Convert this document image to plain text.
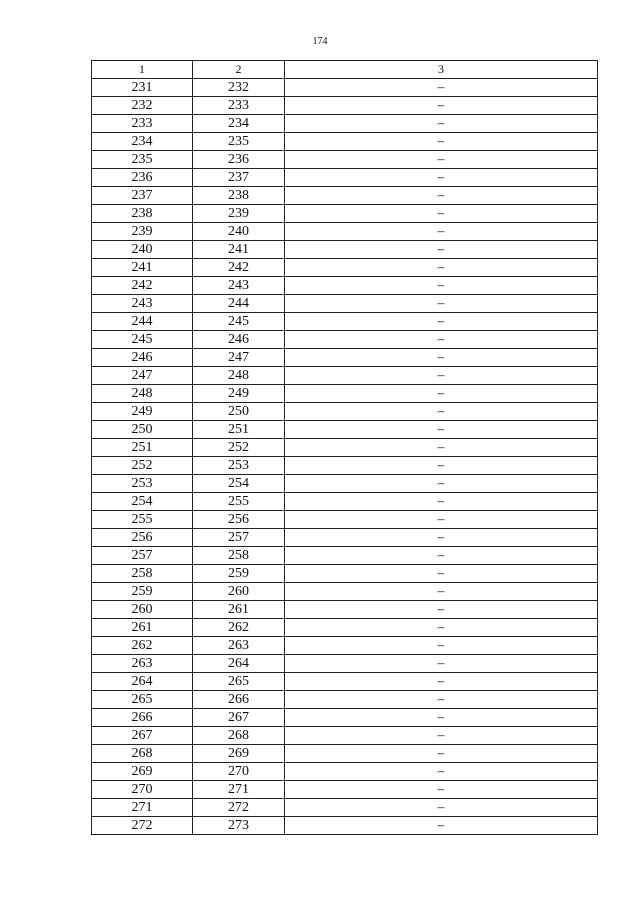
174
1	2	3
231	232	–
232	233	–
233	234	–
234	235	–
235	236	–
236	237	–
237	238	–
238	239	–
239	240	–
240	241	–
241	242	–
242	243	–
243	244	–
244	245	–
245	246	–
246	247	–
247	248	–
248	249	–
249	250	–
250	251	–
251	252	–
252	253	–
253	254	–
254	255	–
255	256	–
256	257	–
257	258	–
258	259	–
259	260	–
260	261	–
261	262	–
262	263	–
263	264	–
264	265	–
265	266	–
266	267	–
267	268	–
268	269	–
269	270	–
270	271	–
271	272	–
272	273	–
